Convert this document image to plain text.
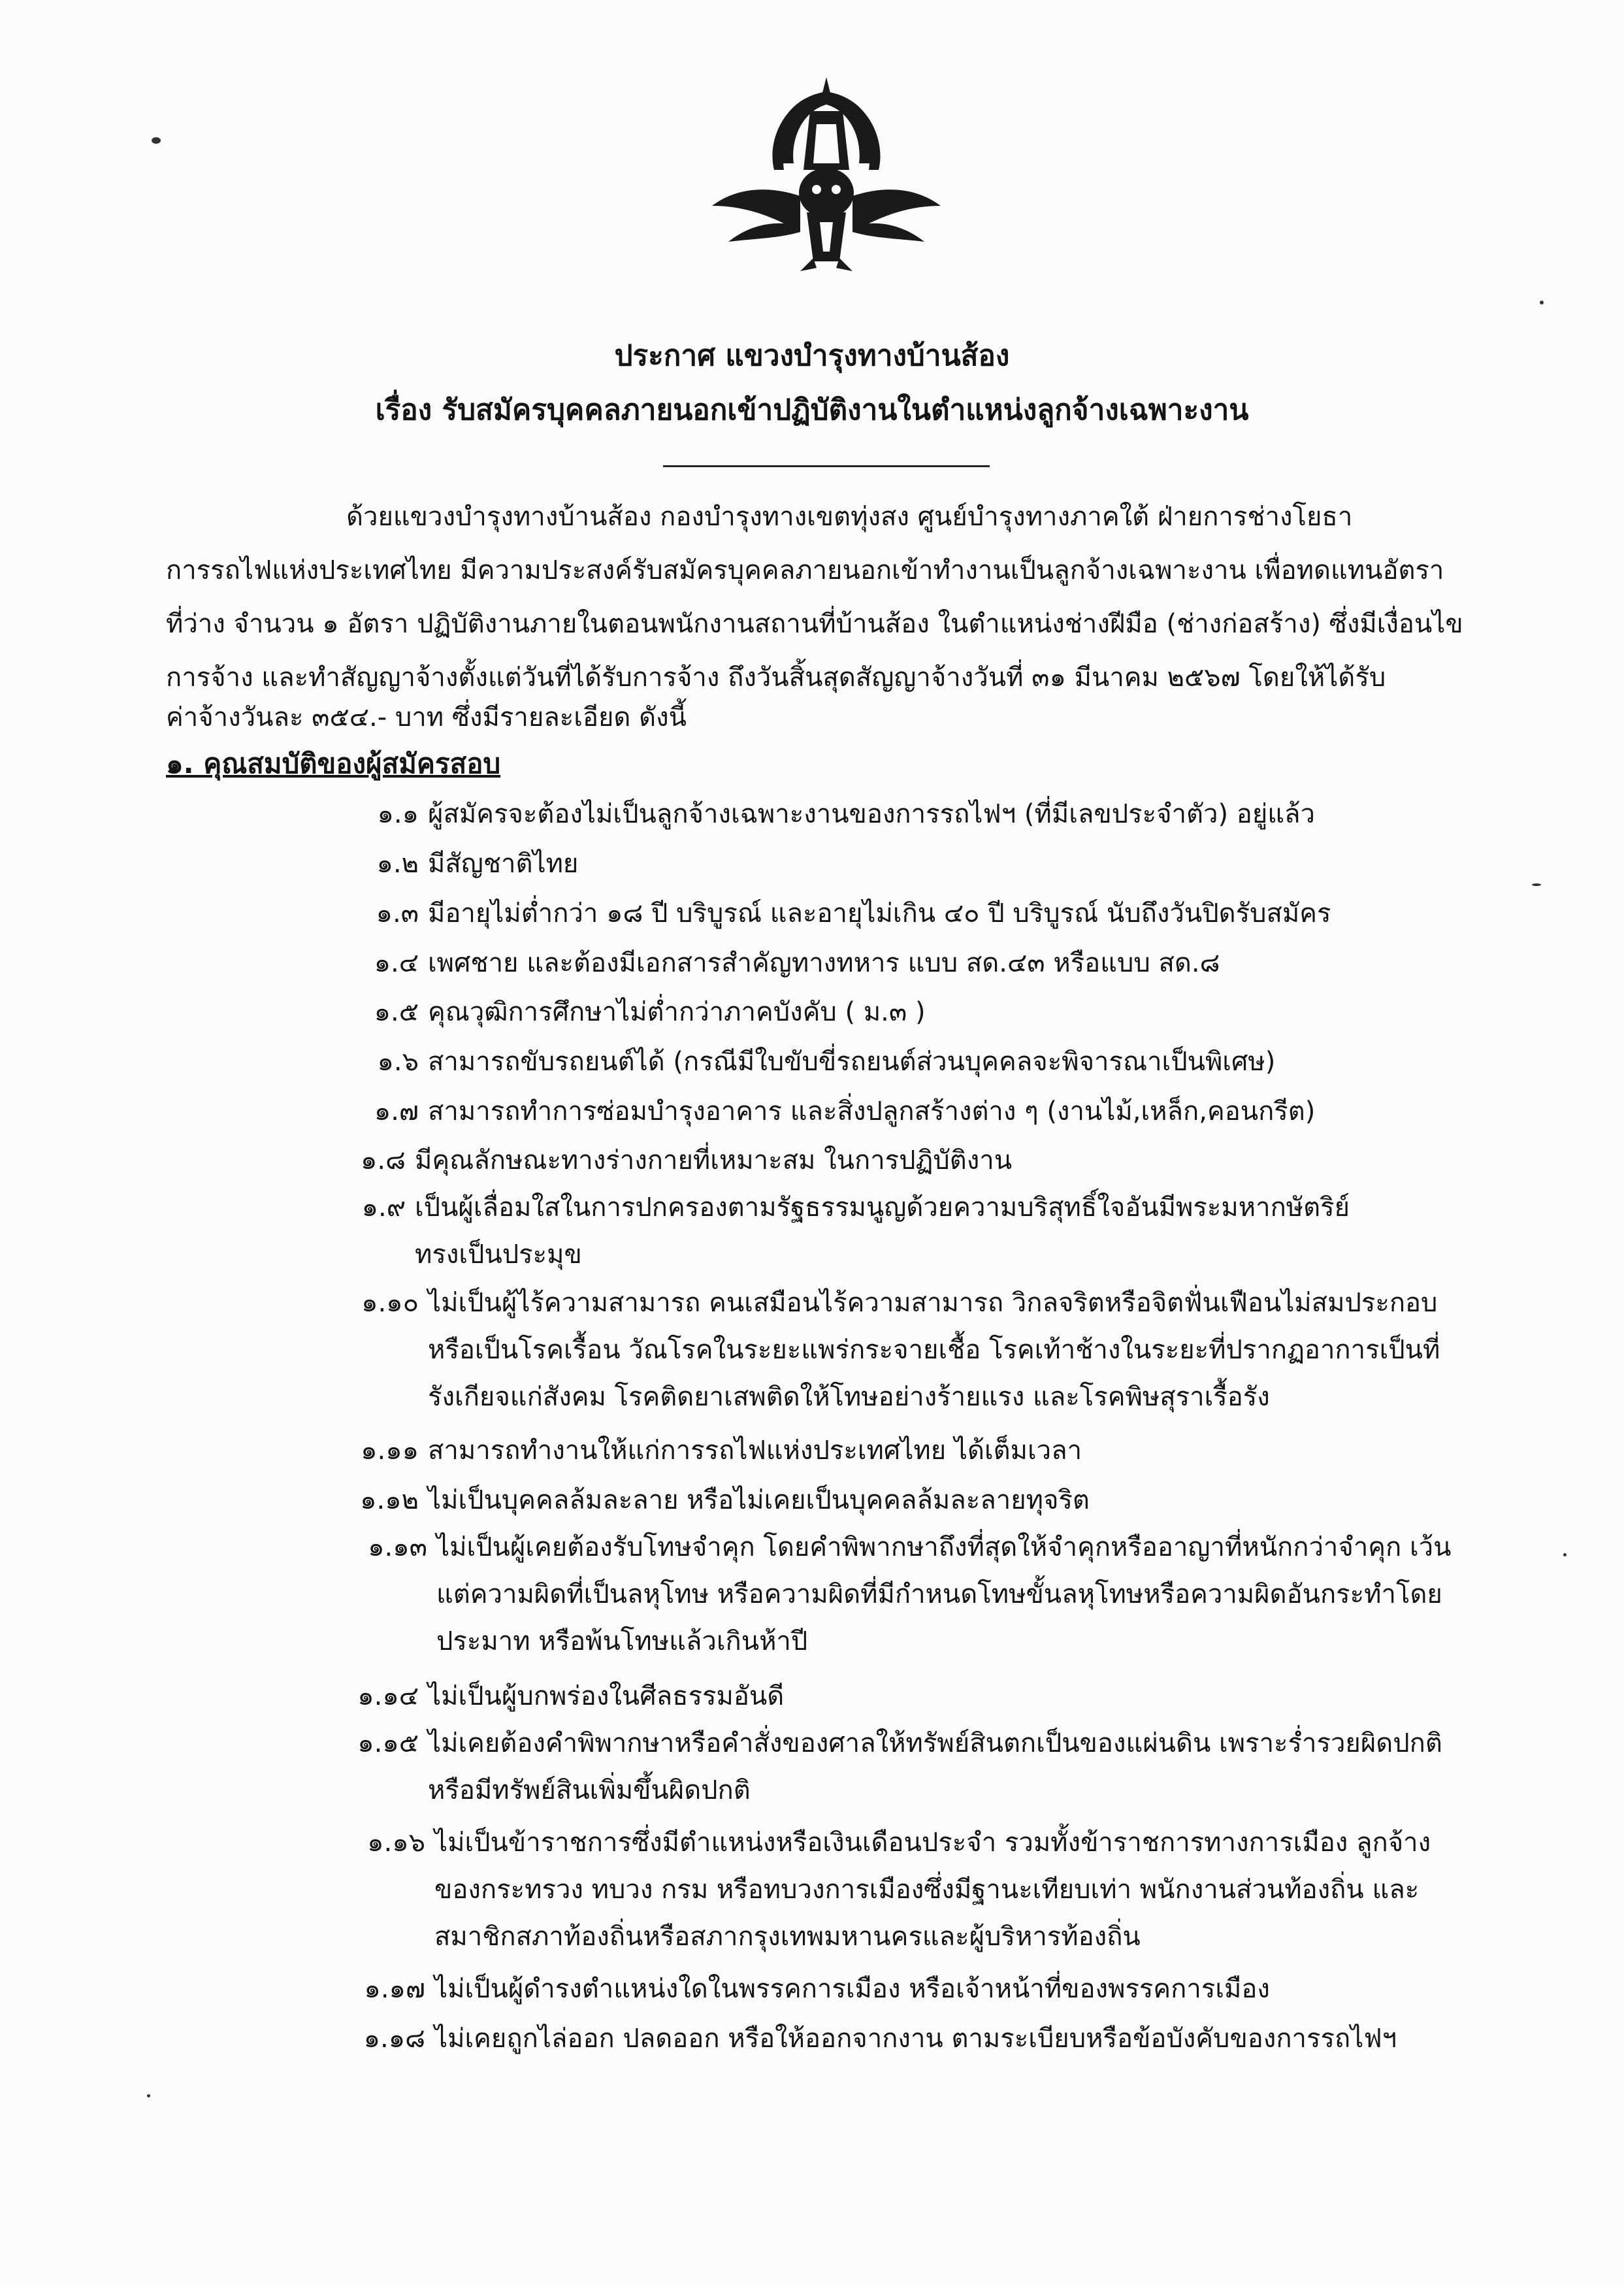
ประกาศ แขวงบำรุงทางบ้านส้อง
เรื่อง รับสมัครบุคคลภายนอกเข้าปฏิบัติงานในตำแหน่งลูกจ้างเฉพาะงาน
ด้วยแขวงบำรุงทางบ้านส้อง กองบำรุงทางเขตทุ่งสง ศูนย์บำรุงทางภาคใต้ ฝ่ายการช่างโยธา
การรถไฟแห่งประเทศไทย มีความประสงค์รับสมัครบุคคลภายนอกเข้าทำงานเป็นลูกจ้างเฉพาะงาน เพื่อทดแทนอัตรา
ที่ว่าง จำนวน ๑ อัตรา ปฏิบัติงานภายในตอนพนักงานสถานที่บ้านส้อง ในตำแหน่งช่างฝีมือ (ช่างก่อสร้าง) ซึ่งมีเงื่อนไข
การจ้าง และทำสัญญาจ้างตั้งแต่วันที่ได้รับการจ้าง ถึงวันสิ้นสุดสัญญาจ้างวันที่ ๓๑ มีนาคม ๒๕๖๗ โดยให้ได้รับ
ค่าจ้างวันละ ๓๕๔.- บาท ซึ่งมีรายละเอียด ดังนี้
๑. คุณสมบัติของผู้สมัครสอบ
๑.๑ ผู้สมัครจะต้องไม่เป็นลูกจ้างเฉพาะงานของการรถไฟฯ (ที่มีเลขประจำตัว) อยู่แล้ว
๑.๒ มีสัญชาติไทย
๑.๓ มีอายุไม่ต่ำกว่า ๑๘ ปี บริบูรณ์ และอายุไม่เกิน ๔๐ ปี บริบูรณ์ นับถึงวันปิดรับสมัคร
๑.๔ เพศชาย และต้องมีเอกสารสำคัญทางทหาร แบบ สด.๔๓ หรือแบบ สด.๘
๑.๕ คุณวุฒิการศึกษาไม่ต่ำกว่าภาคบังคับ ( ม.๓ )
๑.๖ สามารถขับรถยนต์ได้ (กรณีมีใบขับขี่รถยนต์ส่วนบุคคลจะพิจารณาเป็นพิเศษ)
๑.๗ สามารถทำการซ่อมบำรุงอาคาร และสิ่งปลูกสร้างต่าง ๆ (งานไม้,เหล็ก,คอนกรีต)
๑.๘ มีคุณลักษณะทางร่างกายที่เหมาะสม ในการปฏิบัติงาน
๑.๙ เป็นผู้เลื่อมใสในการปกครองตามรัฐธรรมนูญด้วยความบริสุทธิ์ใจอันมีพระมหากษัตริย์
ทรงเป็นประมุข
๑.๑๐ ไม่เป็นผู้ไร้ความสามารถ คนเสมือนไร้ความสามารถ วิกลจริตหรือจิตฟั่นเฟือนไม่สมประกอบ
หรือเป็นโรคเรื้อน วัณโรคในระยะแพร่กระจายเชื้อ โรคเท้าช้างในระยะที่ปรากฏอาการเป็นที่
รังเกียจแก่สังคม โรคติดยาเสพติดให้โทษอย่างร้ายแรง และโรคพิษสุราเรื้อรัง
๑.๑๑ สามารถทำงานให้แก่การรถไฟแห่งประเทศไทย ได้เต็มเวลา
๑.๑๒ ไม่เป็นบุคคลล้มละลาย หรือไม่เคยเป็นบุคคลล้มละลายทุจริต
๑.๑๓ ไม่เป็นผู้เคยต้องรับโทษจำคุก โดยคำพิพากษาถึงที่สุดให้จำคุกหรืออาญาที่หนักกว่าจำคุก เว้น
แต่ความผิดที่เป็นลหุโทษ หรือความผิดที่มีกำหนดโทษขั้นลหุโทษหรือความผิดอันกระทำโดย
ประมาท หรือพ้นโทษแล้วเกินห้าปี
๑.๑๔ ไม่เป็นผู้บกพร่องในศีลธรรมอันดี
๑.๑๕ ไม่เคยต้องคำพิพากษาหรือคำสั่งของศาลให้ทรัพย์สินตกเป็นของแผ่นดิน เพราะร่ำรวยผิดปกติ
หรือมีทรัพย์สินเพิ่มขึ้นผิดปกติ
๑.๑๖ ไม่เป็นข้าราชการซึ่งมีตำแหน่งหรือเงินเดือนประจำ รวมทั้งข้าราชการทางการเมือง ลูกจ้าง
ของกระทรวง ทบวง กรม หรือทบวงการเมืองซึ่งมีฐานะเทียบเท่า พนักงานส่วนท้องถิ่น และ
สมาชิกสภาท้องถิ่นหรือสภากรุงเทพมหานครและผู้บริหารท้องถิ่น
๑.๑๗ ไม่เป็นผู้ดำรงตำแหน่งใดในพรรคการเมือง หรือเจ้าหน้าที่ของพรรคการเมือง
๑.๑๘ ไม่เคยถูกไล่ออก ปลดออก หรือให้ออกจากงาน ตามระเบียบหรือข้อบังคับของการรถไฟฯ
